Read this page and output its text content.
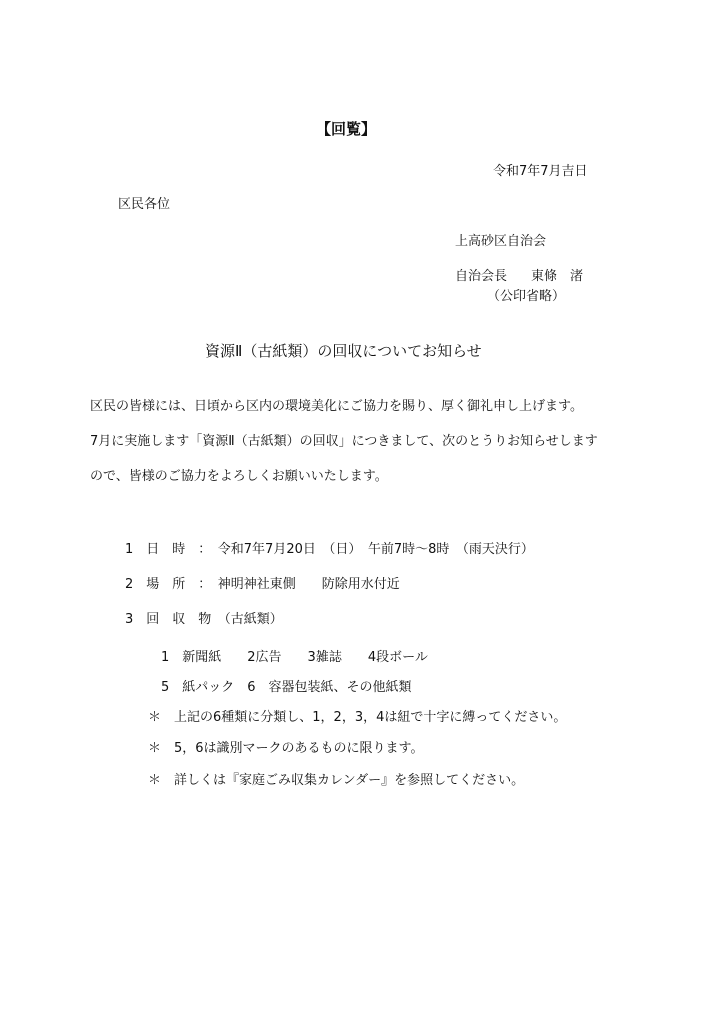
【回覧】
令和7年7月吉日
区民各位
上高砂区自治会
自治会長 東條　渚
（公印省略）
資源Ⅱ（古紙類）の回収についてお知らせ
区民の皆様には、日頃から区内の環境美化にご協力を賜り、厚く御礼申し上げます。
7月に実施します「資源Ⅱ（古紙類）の回収」につきまして、次のとうりお知らせします
ので、皆様のご協力をよろしくお願いいたします。
1　日　時　：　令和7年7月20日　（日）　午前7時～8時　（雨天決行）
2　場　所　：　神明神社東側　　防除用水付近
3　回　収　物　（古紙類）
1　新聞紙　　2広告　　3雑誌　　4段ボール
5　紙パック　6　容器包装紙、その他紙類
＊　上記の6種類に分類し、1，2，3，4は紐で十字に縛ってください。
＊　5，6は識別マークのあるものに限ります。
＊　詳しくは『家庭ごみ収集カレンダー』を参照してください。
